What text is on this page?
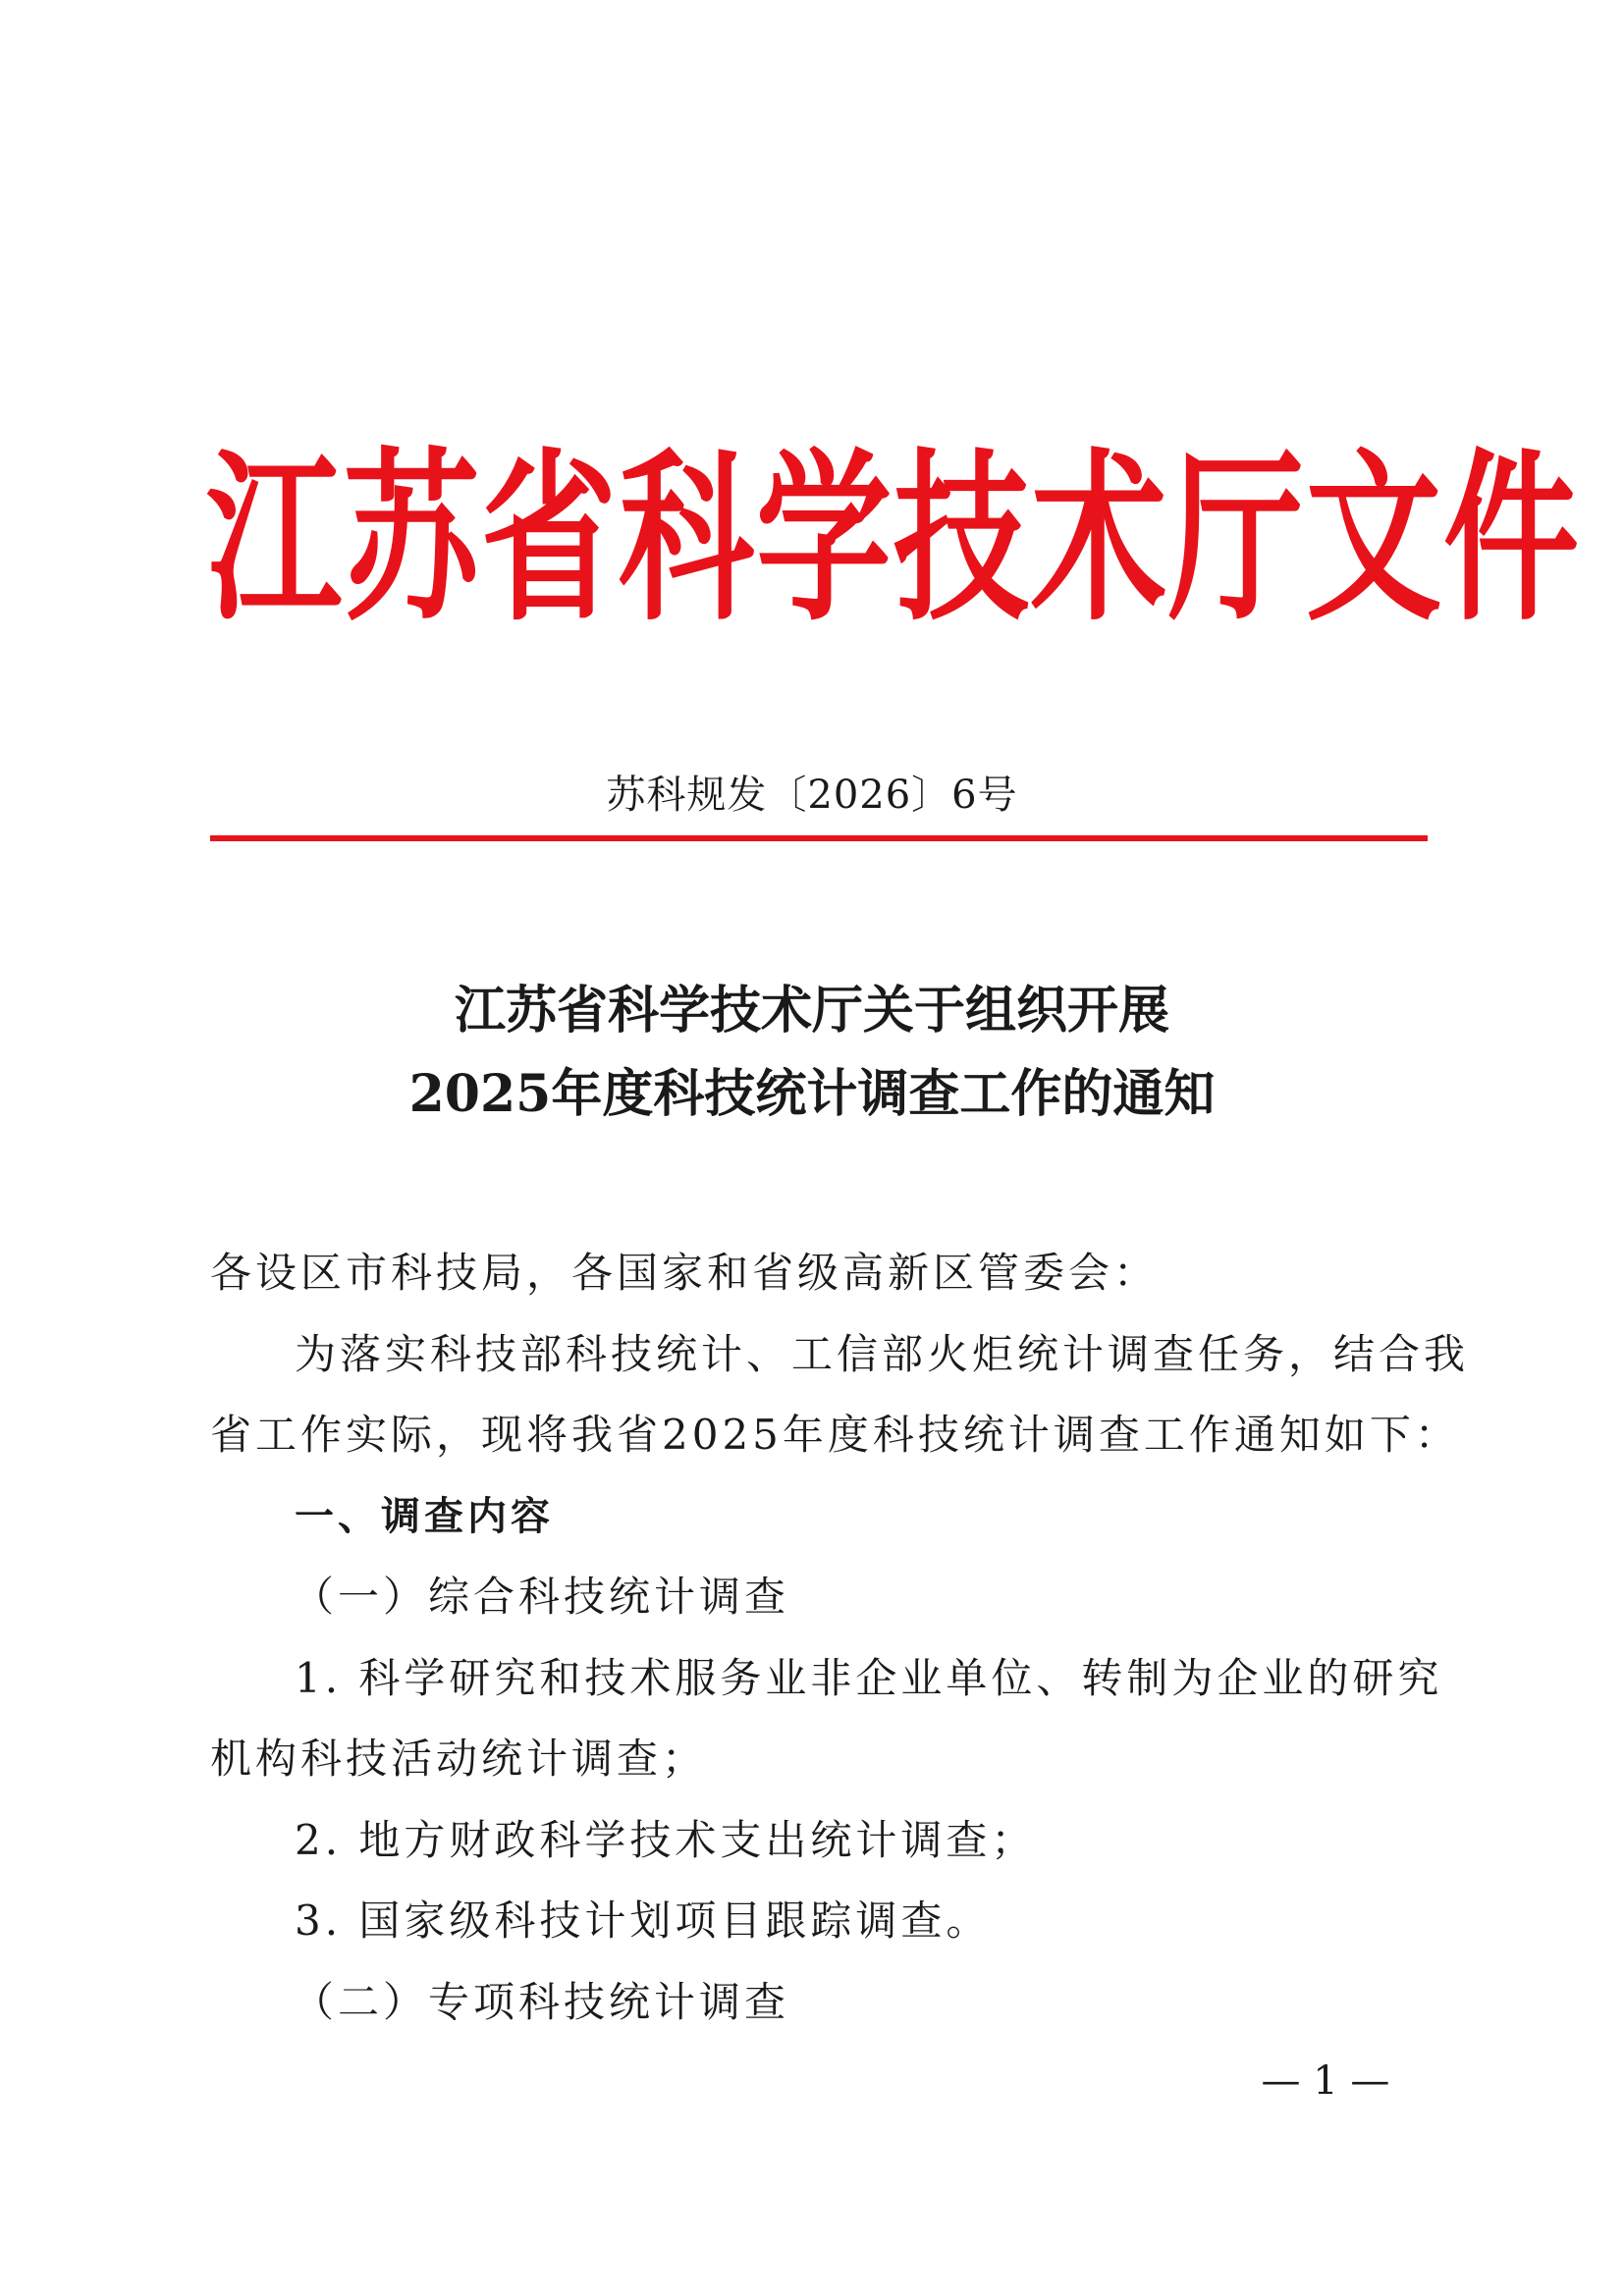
江苏省科学技术厅文件
苏科规发〔2026〕6号
江苏省科学技术厅关于组织开展
2025年度科技统计调查工作的通知
各设区市科技局，各国家和省级高新区管委会：
为落实科技部科技统计、工信部火炬统计调查任务，结合我
省工作实际，现将我省2025年度科技统计调查工作通知如下：
一、调查内容
（一）综合科技统计调查
1. 科学研究和技术服务业非企业单位、转制为企业的研究
机构科技活动统计调查；
2. 地方财政科学技术支出统计调查；
3. 国家级科技计划项目跟踪调查。
（二）专项科技统计调查
— 1 —
